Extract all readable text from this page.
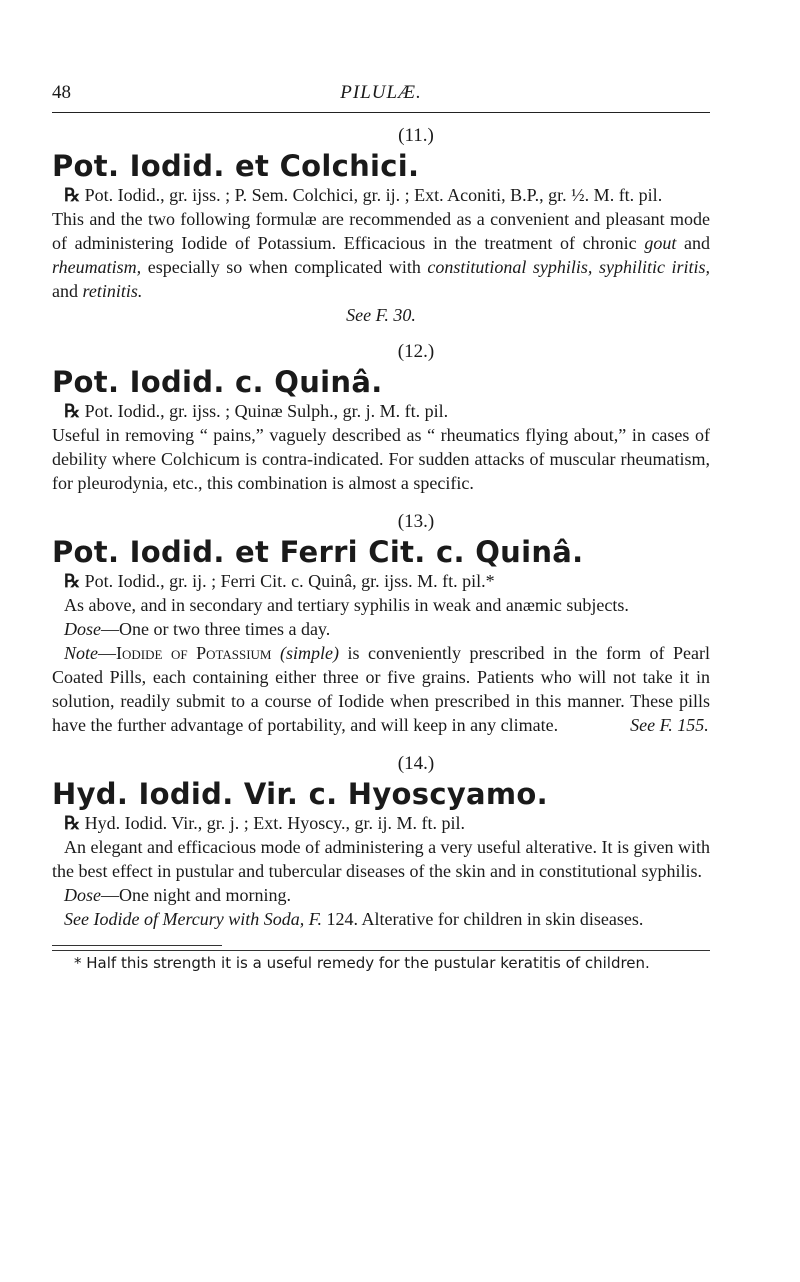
48	PILULÆ.
(11.)
Pot. Iodid. et Colchici.

℞ Pot. Iodid., gr. ijss. ; P. Sem. Colchici, gr. ij. ; Ext. Aconiti, B.P., gr. ½. M. ft. pil.

This and the two following formulæ are recommended as a convenient and pleasant mode of administering Iodide of Potassium. Efficacious in the treatment of chronic gout and rheumatism, especially so when complicated with constitutional syphilis, syphilitic iritis, and retinitis.

See F. 30.

(12.)
Pot. Iodid. c. Quinâ.

℞ Pot. Iodid., gr. ijss. ; Quinæ Sulph., gr. j. M. ft. pil.

Useful in removing “ pains,” vaguely described as “ rheumatics flying about,” in cases of debility where Colchicum is contra-indicated. For sudden attacks of muscular rheumatism, for pleurodynia, etc., this combination is almost a specific.

(13.)
Pot. Iodid. et Ferri Cit. c. Quinâ.

℞ Pot. Iodid., gr. ij. ; Ferri Cit. c. Quinâ, gr. ijss. M. ft. pil.*

As above, and in secondary and tertiary syphilis in weak and anæmic subjects.

Dose—One or two three times a day.

Note—Iodide of Potassium (simple) is conveniently prescribed in the form of Pearl Coated Pills, each containing either three or five grains. Patients who will not take it in solution, readily submit to a course of Iodide when prescribed in this manner. These pills have the further advantage of portability, and will keep in any climate.	See F. 155.

(14.)
Hyd. Iodid. Vir. c. Hyoscyamo.

℞ Hyd. Iodid. Vir., gr. j. ; Ext. Hyoscy., gr. ij. M. ft. pil.

An elegant and efficacious mode of administering a very useful alterative. It is given with the best effect in pustular and tubercular diseases of the skin and in constitutional syphilis.

Dose—One night and morning.

See Iodide of Mercury with Soda, F. 124. Alterative for children in skin diseases.

* Half this strength it is a useful remedy for the pustular keratitis of children.
